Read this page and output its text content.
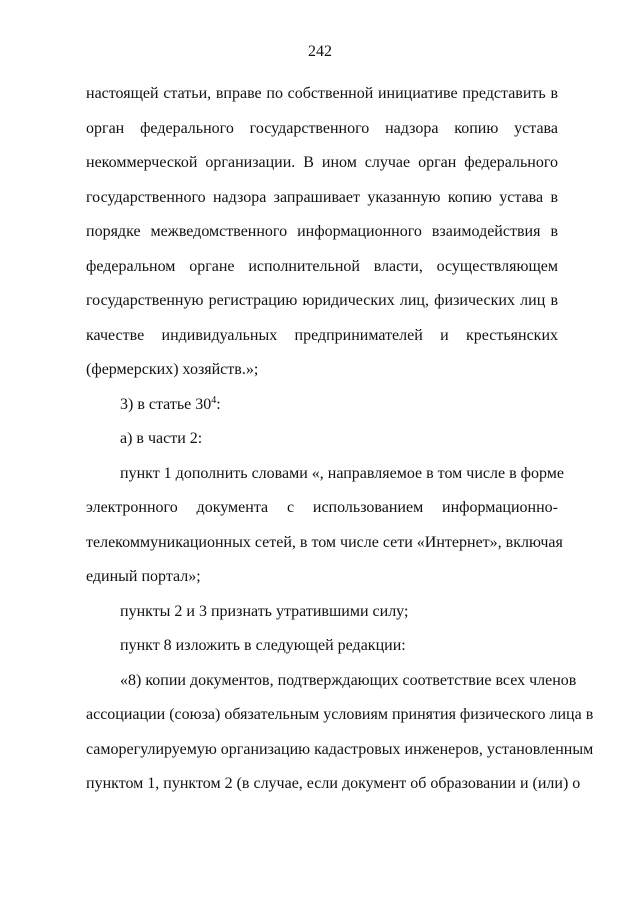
242
настоящей статьи, вправе по собственной инициативе представить в
орган федерального государственного надзора копию устава
некоммерческой организации. В ином случае орган федерального
государственного надзора запрашивает указанную копию устава в
порядке межведомственного информационного взаимодействия в
федеральном органе исполнительной власти, осуществляющем
государственную регистрацию юридических лиц, физических лиц в
качестве индивидуальных предпринимателей и крестьянских
(фермерских) хозяйств.»;
3) в статье $30^4$:
а) в части 2:
пункт 1 дополнить словами «, направляемое в том числе в форме
электронного документа с использованием информационно-
телекоммуникационных сетей, в том числе сети «Интернет», включая
единый портал»;
пункты 2 и 3 признать утратившими силу;
пункт 8 изложить в следующей редакции:
«8) копии документов, подтверждающих соответствие всех членов
ассоциации (союза) обязательным условиям принятия физического лица в
саморегулируемую организацию кадастровых инженеров, установленным
пунктом 1, пунктом 2 (в случае, если документ об образовании и (или) о
